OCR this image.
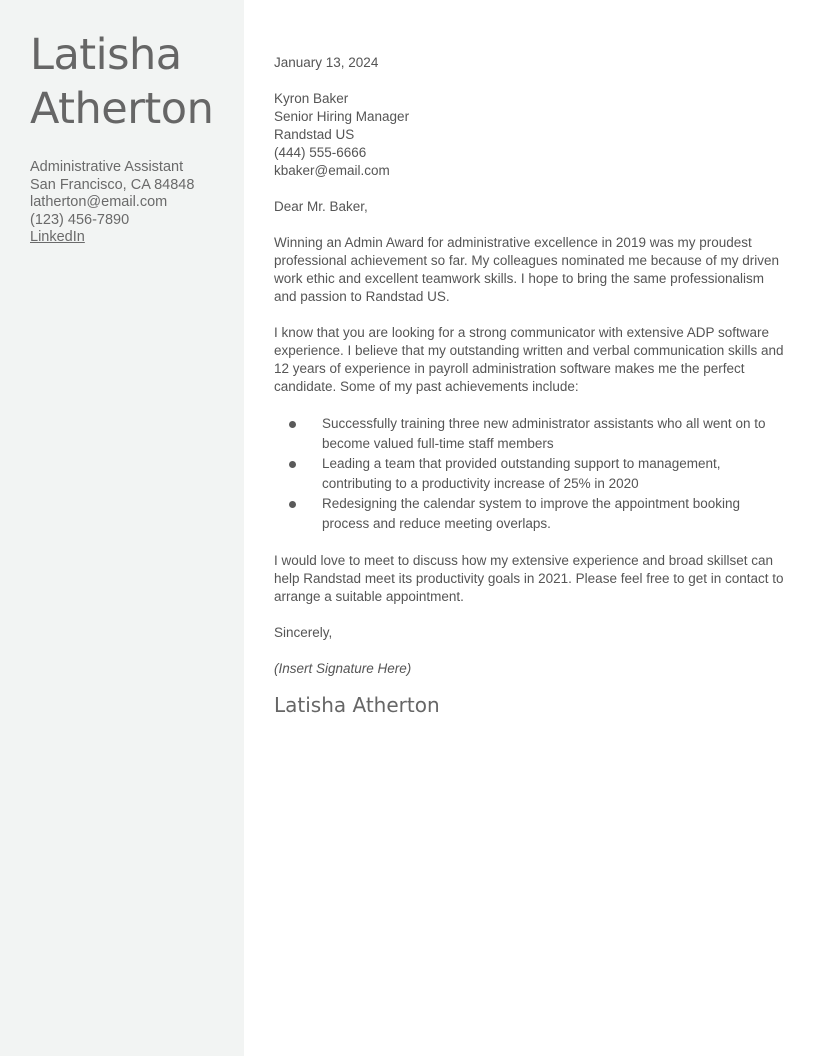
Latisha
Atherton
Administrative Assistant
San Francisco, CA 84848
latherton@email.com
(123) 456-7890
LinkedIn

January 13, 2024

Kyron Baker
Senior Hiring Manager
Randstad US
(444) 555-6666
kbaker@email.com

Dear Mr. Baker,

Winning an Admin Award for administrative excellence in 2019 was my proudest professional achievement so far. My colleagues nominated me because of my driven work ethic and excellent teamwork skills. I hope to bring the same professionalism and passion to Randstad US.

I know that you are looking for a strong communicator with extensive ADP software experience. I believe that my outstanding written and verbal communication skills and 12 years of experience in payroll administration software makes me the perfect candidate. Some of my past achievements include:

Successfully training three new administrator assistants who all went on to become valued full-time staff members
Leading a team that provided outstanding support to management, contributing to a productivity increase of 25% in 2020
Redesigning the calendar system to improve the appointment booking process and reduce meeting overlaps.

I would love to meet to discuss how my extensive experience and broad skillset can help Randstad meet its productivity goals in 2021. Please feel free to get in contact to arrange a suitable appointment.

Sincerely,

(Insert Signature Here)

Latisha Atherton
